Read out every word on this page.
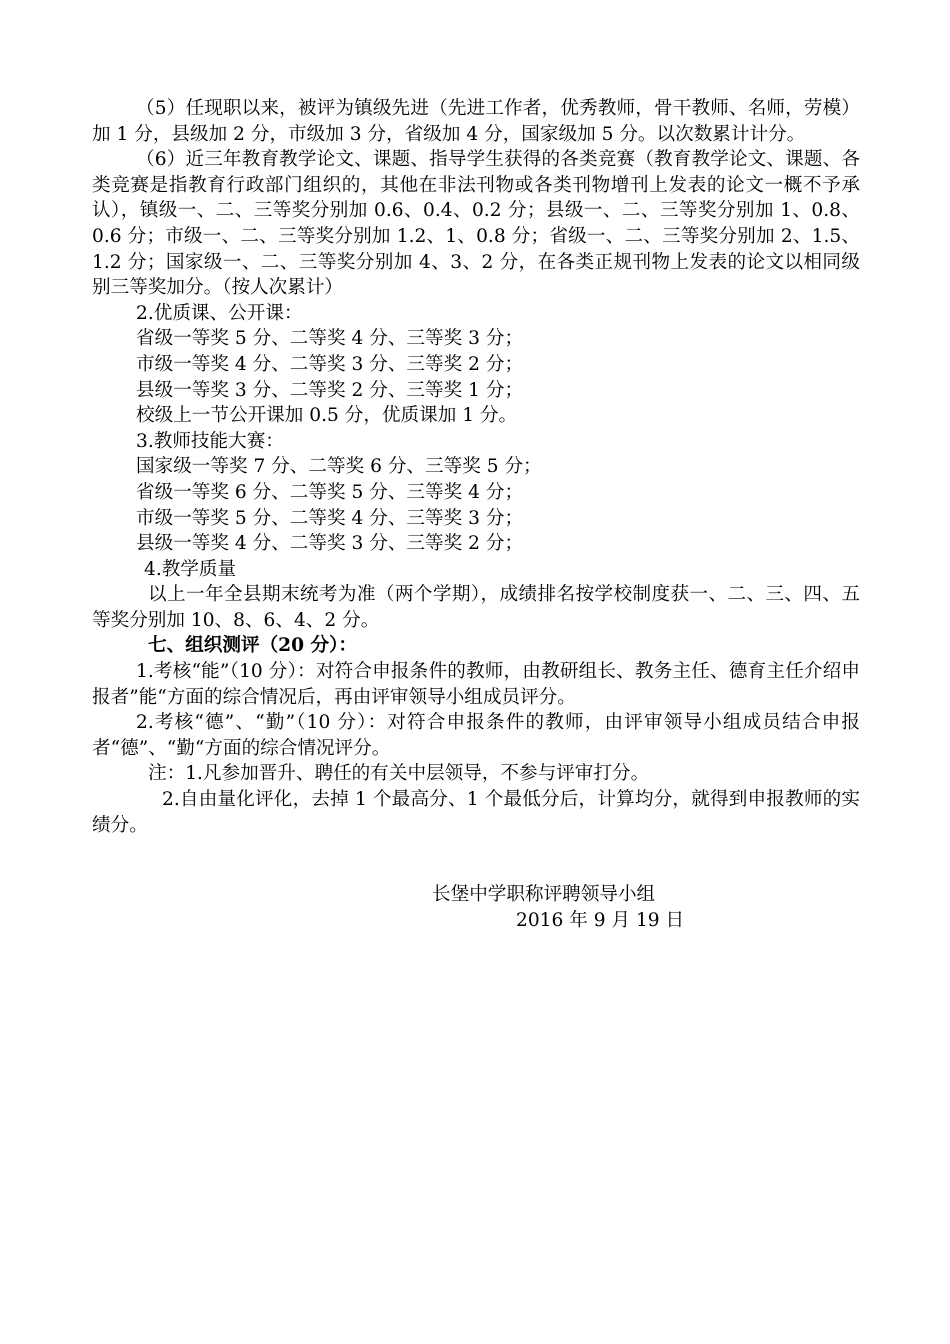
（5）任现职以来，被评为镇级先进（先进工作者，优秀教师，骨干教师、名师，劳模）加 1 分，县级加 2 分，市级加 3 分，省级加 4 分，国家级加 5 分。以次数累计计分。

（6）近三年教育教学论文、课题、指导学生获得的各类竞赛（教育教学论文、课题、各类竞赛是指教育行政部门组织的，其他在非法刊物或各类刊物增刊上发表的论文一概不予承认），镇级一、二、三等奖分别加 0.6、0.4、0.2 分；县级一、二、三等奖分别加 1、0.8、0.6 分；市级一、二、三等奖分别加 1.2、1、0.8 分；省级一、二、三等奖分别加 2、1.5、1.2 分；国家级一、二、三等奖分别加 4、3、2 分，在各类正规刊物上发表的论文以相同级别三等奖加分。（按人次累计）

2.优质课、公开课：

省级一等奖 5 分、二等奖 4 分、三等奖 3 分；

市级一等奖 4 分、二等奖 3 分、三等奖 2 分；

县级一等奖 3 分、二等奖 2 分、三等奖 1 分；

校级上一节公开课加 0.5 分，优质课加 1 分。

3.教师技能大赛：

国家级一等奖 7 分、二等奖 6 分、三等奖 5 分；

省级一等奖 6 分、二等奖 5 分、三等奖 4 分；

市级一等奖 5 分、二等奖 4 分、三等奖 3 分；

县级一等奖 4 分、二等奖 3 分、三等奖 2 分；

4.教学质量

以上一年全县期末统考为准（两个学期），成绩排名按学校制度获一、二、三、四、五等奖分别加 10、8、6、4、2 分。

七、组织测评（20 分）：

1.考核“能”（10 分）：对符合申报条件的教师，由教研组长、教务主任、德育主任介绍申报者”能“方面的综合情况后，再由评审领导小组成员评分。

2.考核“德”、“勤”（10 分）：对符合申报条件的教师，由评审领导小组成员结合申报者“德”、“勤“方面的综合情况评分。

注：1.凡参加晋升、聘任的有关中层领导，不参与评审打分。

2.自由量化评化，去掉 1 个最高分、1 个最低分后，计算均分，就得到申报教师的实绩分。

长堡中学职称评聘领导小组
2016 年 9 月 19 日
